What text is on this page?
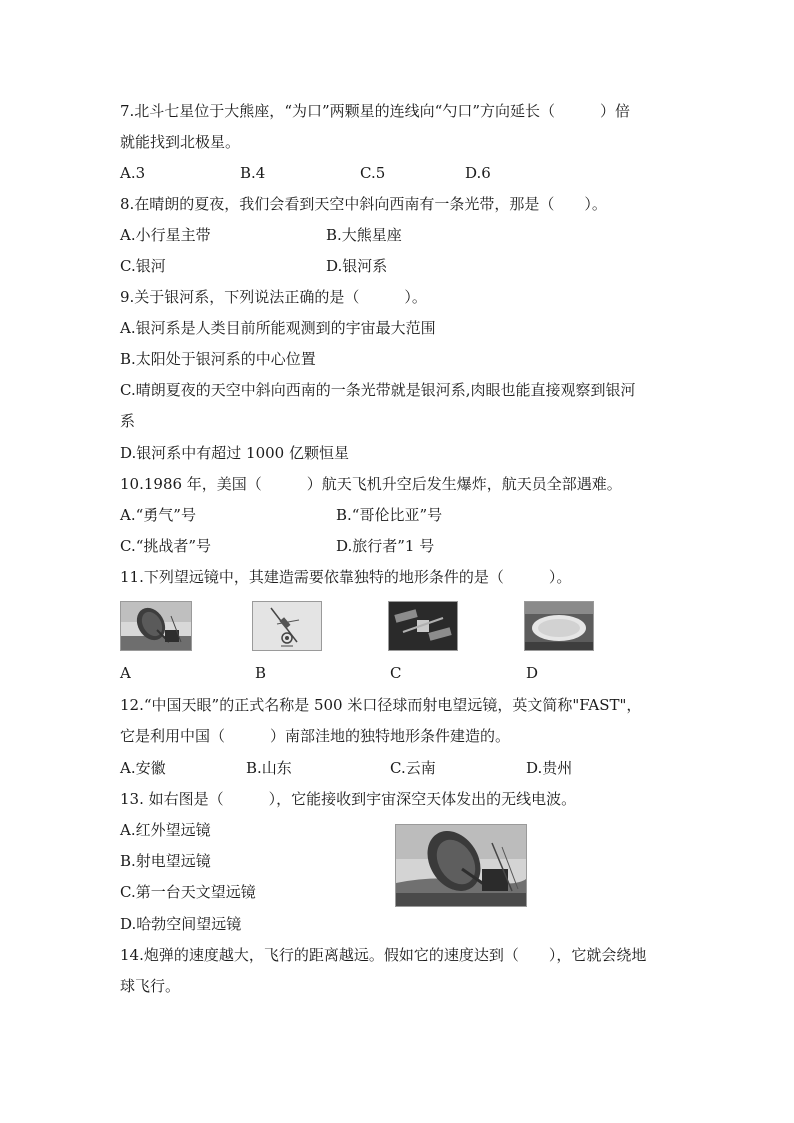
7.北斗七星位于大熊座，“为口”两颗星的连线向“勺口”方向延长（　　　）倍
就能找到北极星。
A.3	B.4	C.5	D.6
8.在晴朗的夏夜，我们会看到天空中斜向西南有一条光带，那是（　　）。
A.小行星主带	B.大熊星座
C.银河	D.银河系
9.关于银河系，下列说法正确的是（　　　）。
A.银河系是人类目前所能观测到的宇宙最大范围
B.太阳处于银河系的中心位置
C.晴朗夏夜的天空中斜向西南的一条光带就是银河系,肉眼也能直接观察到银河
系
D.银河系中有超过 1000 亿颗恒星
10.1986 年，美国（　　　）航天飞机升空后发生爆炸，航天员全部遇难。
A.“勇气”号	B.“哥伦比亚”号
C.“挑战者”号	D.旅行者”1 号
11.下列望远镜中，其建造需要依靠独特的地形条件的是（　　　）。
A	B	C	D
12.“中国天眼”的正式名称是 500 米口径球而射电望远镜，英文简称"FAST"，
它是利用中国（　　　）南部洼地的独特地形条件建造的。
A.安徽	B.山东	C.云南	D.贵州
13. 如右图是（　　　），它能接收到宇宙深空天体发出的无线电波。
A.红外望远镜
B.射电望远镜
C.第一台天文望远镜
D.哈勃空间望远镜
14.炮弹的速度越大，飞行的距离越远。假如它的速度达到（　　），它就会绕地
球飞行。
